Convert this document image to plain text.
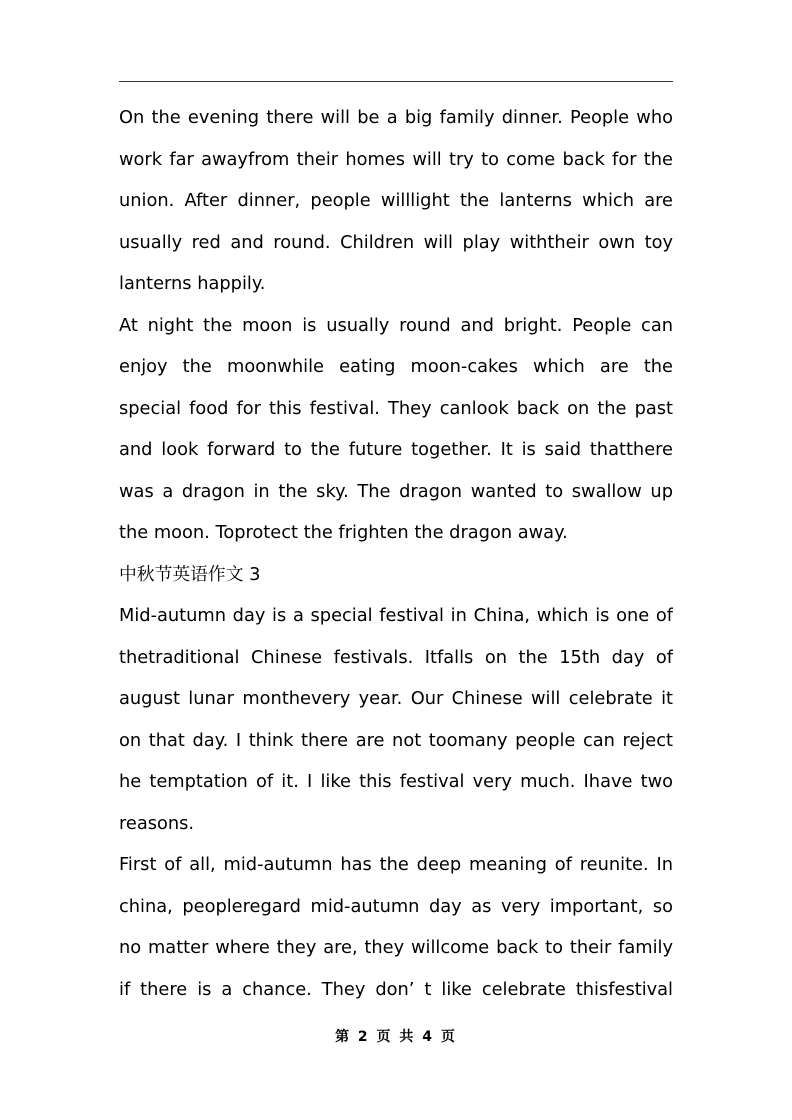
On the evening there will be a big family dinner. People who
work far awayfrom their homes will try to come back for the
union. After dinner, people willlight the lanterns which are
usually red and round. Children will play withtheir own toy
lanterns happily.
At night the moon is usually round and bright. People can
enjoy the moonwhile eating moon-cakes which are the
special food for this festival. They canlook back on the past
and look forward to the future together. It is said thatthere
was a dragon in the sky. The dragon wanted to swallow up
the moon. Toprotect the frighten the dragon away.
中秋节英语作文 3
Mid-autumn day is a special festival in China, which is one of
thetraditional Chinese festivals. Itfalls on the 15th day of
august lunar monthevery year. Our Chinese will celebrate it
on that day. I think there are not toomany people can reject
he temptation of it. I like this festival very much. Ihave two
reasons.
First of all, mid-autumn has the deep meaning of reunite. In
china, peopleregard mid-autumn day as very important, so
no matter where they are, they willcome back to their family
if there is a chance. They don’ t like celebrate thisfestival
第 2 页 共 4 页
